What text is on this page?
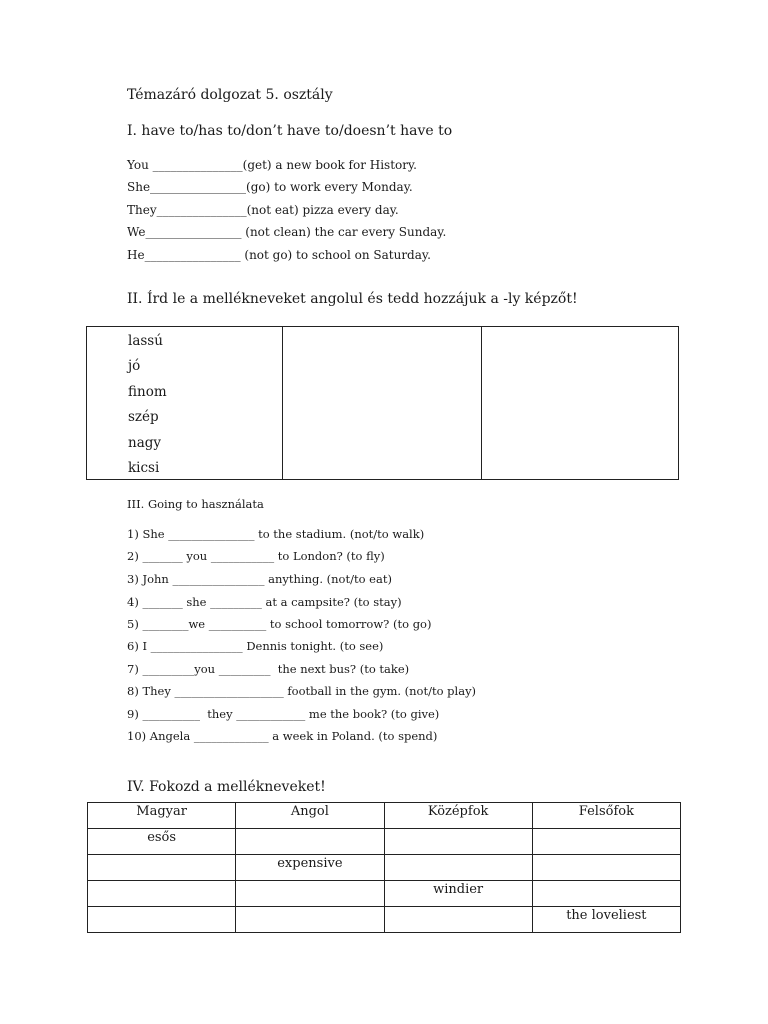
Témazáró dolgozat 5. osztály
I. have to/has to/don’t have to/doesn’t have to
You _______________(get) a new book for History.
She________________(go) to work every Monday.
They_______________(not eat) pizza every day.
We________________ (not clean) the car every Sunday.
He________________ (not go) to school on Saturday.
II. Írd le a mellékneveket angolul és tedd hozzájuk a -ly képzőt!
lassú
jó
finom
szép
nagy
kicsi
III. Going to használata
1) She _______________ to the stadium. (not/to walk)
2) _______ you ___________ to London? (to fly)
3) John ________________ anything. (not/to eat)
4) _______ she _________ at a campsite? (to stay)
5) ________we __________ to school tomorrow? (to go)
6) I ________________ Dennis tonight. (to see)
7) _________you _________  the next bus? (to take)
8) They ___________________ football in the gym. (not/to play)
9) __________  they ____________ me the book? (to give)
10) Angela _____________ a week in Poland. (to spend)
IV. Fokozd a mellékneveket!
Magyar	Angol	Középfok	Felsőfok
esős			
	expensive		
		windier	
			the loveliest
